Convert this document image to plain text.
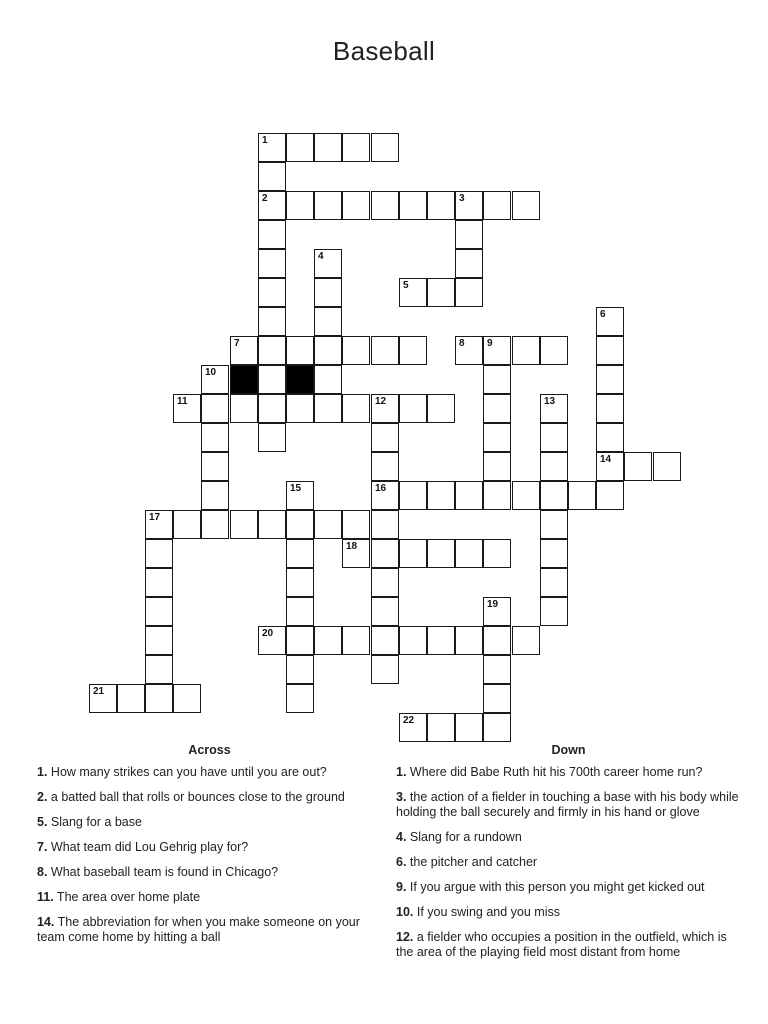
Baseball
1
2	3
5
7	8 9
10
11	12
14
16
17
18
20
21
22
4
6
13
15
19
Across
1. How many strikes can you have until you are out?
2. a batted ball that rolls or bounces close to the ground
5. Slang for a base
7. What team did Lou Gehrig play for?
8. What baseball team is found in Chicago?
11. The area over home plate
14. The abbreviation for when you make someone on your team come home by hitting a ball
Down
1. Where did Babe Ruth hit his 700th career home run?
3. the action of a fielder in touching a base with his body while holding the ball securely and firmly in his hand or glove
4. Slang for a rundown
6. the pitcher and catcher
9. If you argue with this person you might get kicked out
10. If you swing and you miss
12. a fielder who occupies a position in the outfield, which is the area of the playing field most distant from home
